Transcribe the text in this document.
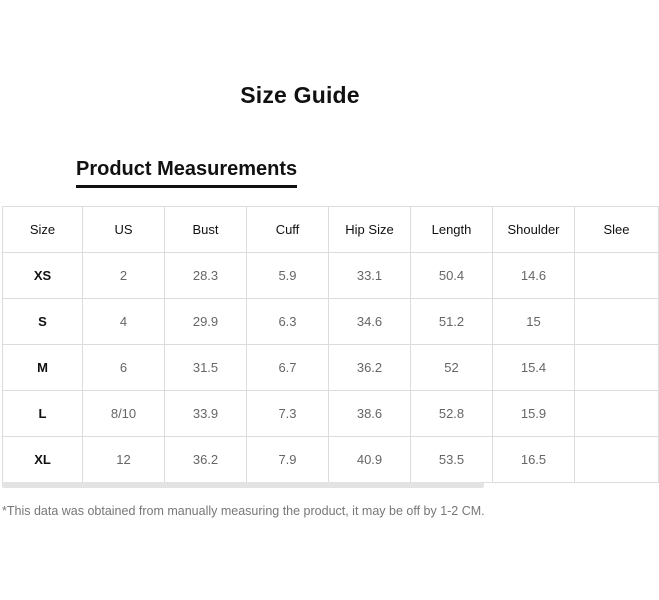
Size Guide
Product Measurements
Size	US	Bust	Cuff	Hip Size	Length	Shoulder	Slee
XS	2	28.3	5.9	33.1	50.4	14.6	
S	4	29.9	6.3	34.6	51.2	15	
M	6	31.5	6.7	36.2	52	15.4	
L	8/10	33.9	7.3	38.6	52.8	15.9	
XL	12	36.2	7.9	40.9	53.5	16.5	
*This data was obtained from manually measuring the product, it may be off by 1-2 CM.
